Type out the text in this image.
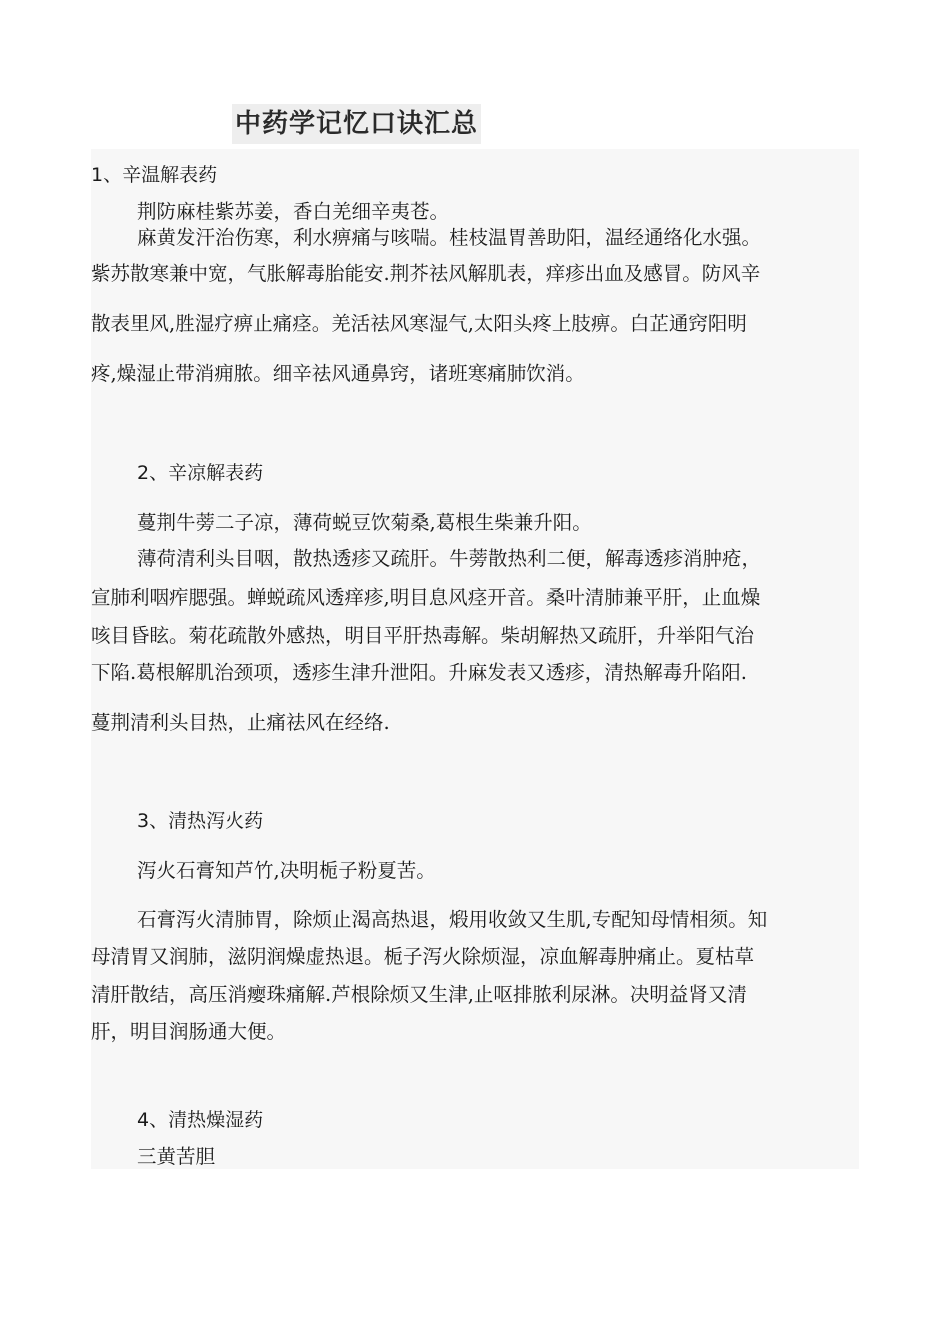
中药学记忆口诀汇总
1、辛温解表药
荆防麻桂紫苏姜，香白羌细辛夷苍。
麻黄发汗治伤寒，利水痹痛与咳喘。桂枝温胃善助阳，温经通络化水强。
紫苏散寒兼中宽，气胀解毒胎能安.荆芥祛风解肌表，痒疹出血及感冒。防风辛
散表里风,胜湿疗痹止痛痉。羌活祛风寒湿气,太阳头疼上肢痹。白芷通窍阳明
疼,燥湿止带消痈脓。细辛祛风通鼻窍，诸班寒痛肺饮消。
2、辛凉解表药
蔓荆牛蒡二子凉，薄荷蜕豆饮菊桑,葛根生柴兼升阳。
薄荷清利头目咽，散热透疹又疏肝。牛蒡散热利二便，解毒透疹消肿疮，
宣肺利咽痄腮强。蝉蜕疏风透痒疹,明目息风痉开音。桑叶清肺兼平肝，止血燥
咳目昏眩。菊花疏散外感热，明目平肝热毒解。柴胡解热又疏肝，升举阳气治
下陷.葛根解肌治颈项，透疹生津升泄阳。升麻发表又透疹，清热解毒升陷阳.
蔓荆清利头目热，止痛祛风在经络.
3、清热泻火药
泻火石膏知芦竹,决明栀子粉夏苦。
石膏泻火清肺胃，除烦止渴高热退，煅用收敛又生肌,专配知母情相须。知
母清胃又润肺，滋阴润燥虚热退。栀子泻火除烦湿，凉血解毒肿痛止。夏枯草
清肝散结，高压消瘿珠痛解.芦根除烦又生津,止呕排脓利尿淋。决明益肾又清
肝，明目润肠通大便。
4、清热燥湿药
三黄苦胆
